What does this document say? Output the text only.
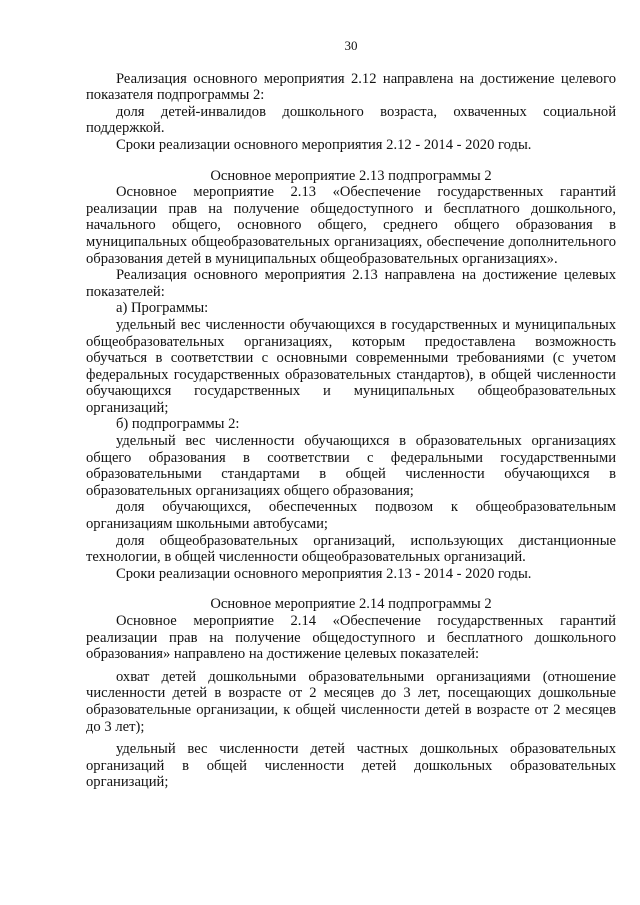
30

Реализация основного мероприятия 2.12 направлена на достижение целевого показателя подпрограммы 2:

доля детей-инвалидов дошкольного возраста, охваченных социальной поддержкой.

Сроки реализации основного мероприятия 2.12 - 2014 - 2020 годы.

Основное мероприятие 2.13 подпрограммы 2

Основное мероприятие 2.13 «Обеспечение государственных гарантий реализации прав на получение общедоступного и бесплатного дошкольного, начального общего, основного общего, среднего общего образования в муниципальных общеобразовательных организациях, обеспечение дополнительного образования детей в муниципальных общеобразовательных организациях».

Реализация основного мероприятия 2.13 направлена на достижение целевых показателей:

а) Программы:

удельный вес численности обучающихся в государственных и муниципальных общеобразовательных организациях, которым предоставлена возможность обучаться в соответствии с основными современными требованиями (с учетом федеральных государственных образовательных стандартов), в общей численности обучающихся государственных и муниципальных общеобразовательных организаций;

б) подпрограммы 2:

удельный вес численности обучающихся в образовательных организациях общего образования в соответствии с федеральными государственными образовательными стандартами в общей численности обучающихся в образовательных организациях общего образования;

доля обучающихся, обеспеченных подвозом к общеобразовательным организациям школьными автобусами;

доля общеобразовательных организаций, использующих дистанционные технологии, в общей численности общеобразовательных организаций.

Сроки реализации основного мероприятия 2.13 - 2014 - 2020 годы.

Основное мероприятие 2.14 подпрограммы 2

Основное мероприятие 2.14 «Обеспечение государственных гарантий реализации прав на получение общедоступного и бесплатного дошкольного образования» направлено на достижение целевых показателей:

охват детей дошкольными образовательными организациями (отношение численности детей в возрасте от 2 месяцев до 3 лет, посещающих дошкольные образовательные организации, к общей численности детей в возрасте от 2 месяцев до 3 лет);

удельный вес численности детей частных дошкольных образовательных организаций в общей численности детей дошкольных образовательных организаций;
